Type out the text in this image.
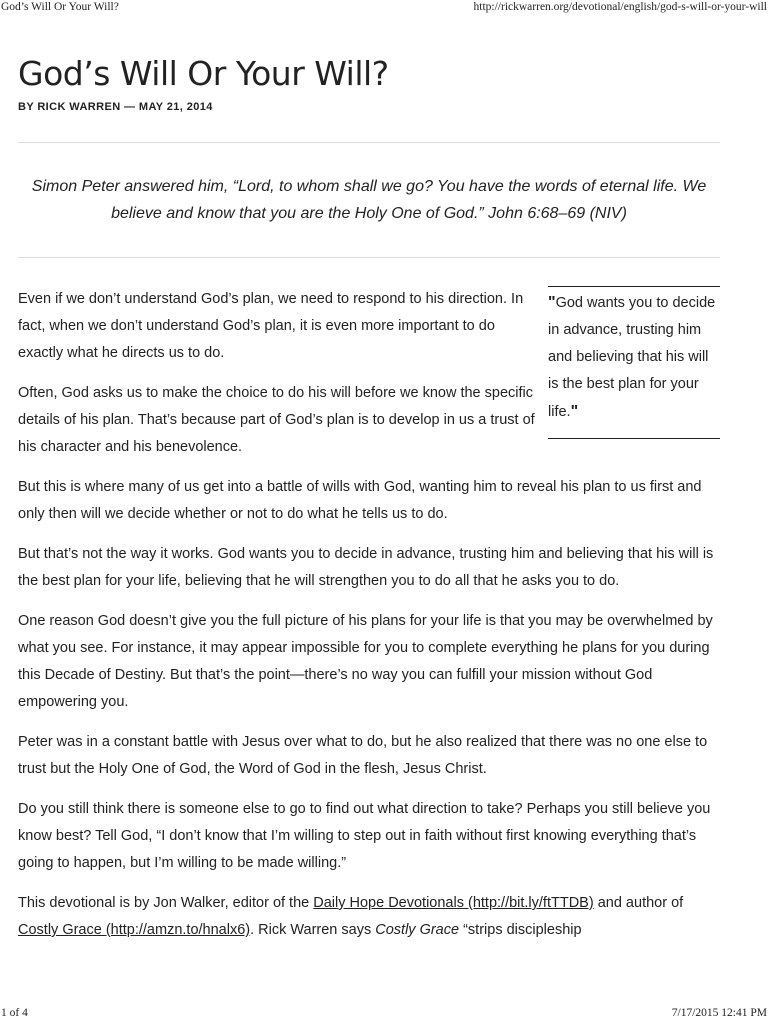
God’s Will Or Your Will?	http://rickwarren.org/devotional/english/god-s-will-or-your-will
God’s Will Or Your Will?
BY RICK WARREN — MAY 21, 2014

Simon Peter answered him, “Lord, to whom shall we go? You have the words of eternal life. We believe and know that you are the Holy One of God.” John 6:68–69 (NIV)

"God wants you to decide in advance, trusting him and believing that his will is the best plan for your life."

Even if we don’t understand God’s plan, we need to respond to his direction. In fact, when we don’t understand God’s plan, it is even more important to do exactly what he directs us to do.

Often, God asks us to make the choice to do his will before we know the specific details of his plan. That’s because part of God’s plan is to develop in us a trust of his character and his benevolence.

But this is where many of us get into a battle of wills with God, wanting him to reveal his plan to us first and only then will we decide whether or not to do what he tells us to do.

But that’s not the way it works. God wants you to decide in advance, trusting him and believing that his will is the best plan for your life, believing that he will strengthen you to do all that he asks you to do.

One reason God doesn’t give you the full picture of his plans for your life is that you may be overwhelmed by what you see. For instance, it may appear impossible for you to complete everything he plans for you during this Decade of Destiny. But that’s the point—there’s no way you can fulfill your mission without God empowering you.

Peter was in a constant battle with Jesus over what to do, but he also realized that there was no one else to trust but the Holy One of God, the Word of God in the flesh, Jesus Christ.

Do you still think there is someone else to go to find out what direction to take? Perhaps you still believe you know best? Tell God, “I don’t know that I’m willing to step out in faith without first knowing everything that’s going to happen, but I’m willing to be made willing.”

This devotional is by Jon Walker, editor of the Daily Hope Devotionals (http://bit.ly/ftTTDB) and author of Costly Grace (http://amzn.to/hnalx6). Rick Warren says Costly Grace “strips discipleship

1 of 4	7/17/2015 12:41 PM
